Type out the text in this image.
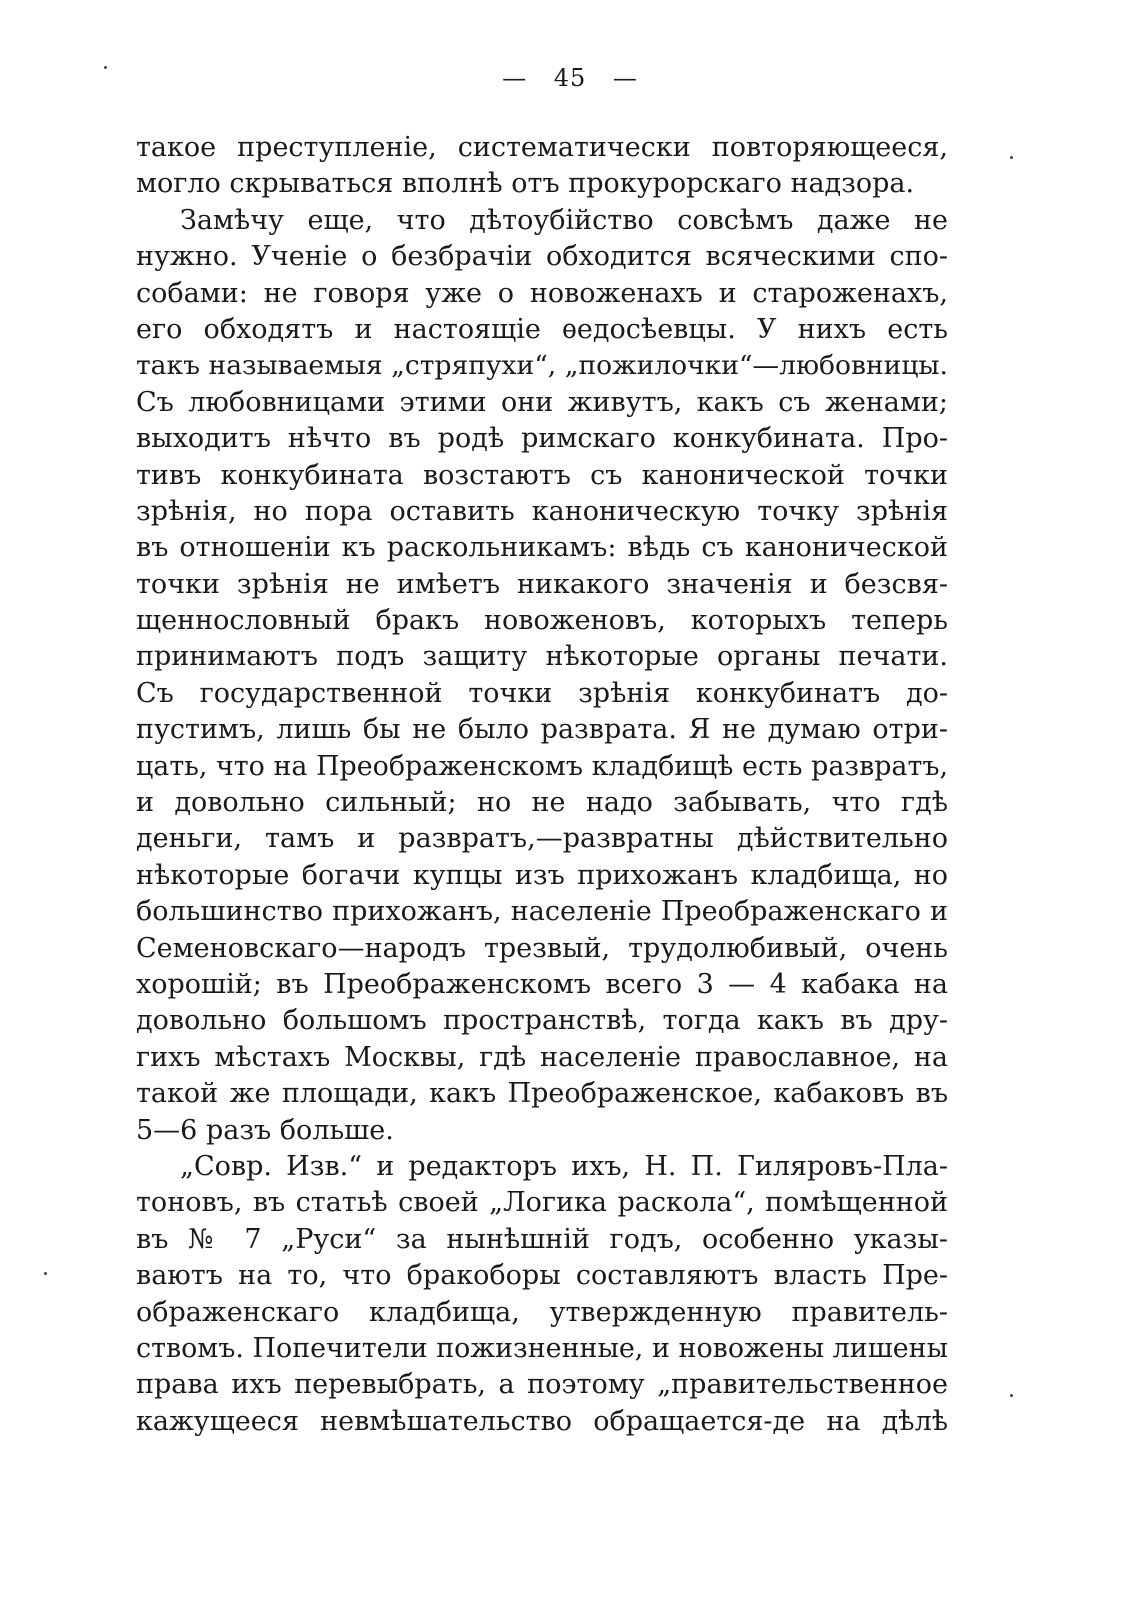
— 45 —
такое преступленіе, систематически повторяющееся,
могло скрываться вполнѣ отъ прокурорскаго надзора.
Замѣчу еще, что дѣтоубійство совсѣмъ даже не
нужно. Ученіе о безбрачіи обходится всяческими спо-
собами: не говоря уже о новоженахъ и староженахъ,
его обходятъ и настоящіе ѳедосѣевцы. У нихъ есть
такъ называемыя „стряпухи“, „пожилочки“—любовницы.
Съ любовницами этими они живутъ, какъ съ женами;
выходитъ нѣчто въ родѣ римскаго конкубината. Про-
тивъ конкубината возстаютъ съ канонической точки
зрѣнія, но пора оставить каноническую точку зрѣнія
въ отношеніи къ раскольникамъ: вѣдь съ канонической
точки зрѣнія не имѣетъ никакого значенія и безсвя-
щеннословный бракъ новоженовъ, которыхъ теперь
принимаютъ подъ защиту нѣкоторые органы печати.
Съ государственной точки зрѣнія конкубинатъ до-
пустимъ, лишь бы не было разврата. Я не думаю отри-
цать, что на Преображенскомъ кладбищѣ есть развратъ,
и довольно сильный; но не надо забывать, что гдѣ
деньги, тамъ и развратъ,—развратны дѣйствительно
нѣкоторые богачи купцы изъ прихожанъ кладбища, но
большинство прихожанъ, населеніе Преображенскаго и
Семеновскаго—народъ трезвый, трудолюбивый, очень
хорошій; въ Преображенскомъ всего 3 — 4 кабака на
довольно большомъ пространствѣ, тогда какъ въ дру-
гихъ мѣстахъ Москвы, гдѣ населеніе православное, на
такой же площади, какъ Преображенское, кабаковъ въ
5—6 разъ больше.
„Совр. Изв.“ и редакторъ ихъ, Н. П. Гиляровъ-Пла-
тоновъ, въ статьѣ своей „Логика раскола“, помѣщенной
въ № 7 „Руси“ за нынѣшній годъ, особенно указы-
ваютъ на то, что бракоборы составляютъ власть Пре-
ображенскаго кладбища, утвержденную правитель-
ствомъ. Попечители пожизненные, и новожены лишены
права ихъ перевыбрать, а поэтому „правительственное
кажущееся невмѣшательство обращается-де на дѣлѣ
